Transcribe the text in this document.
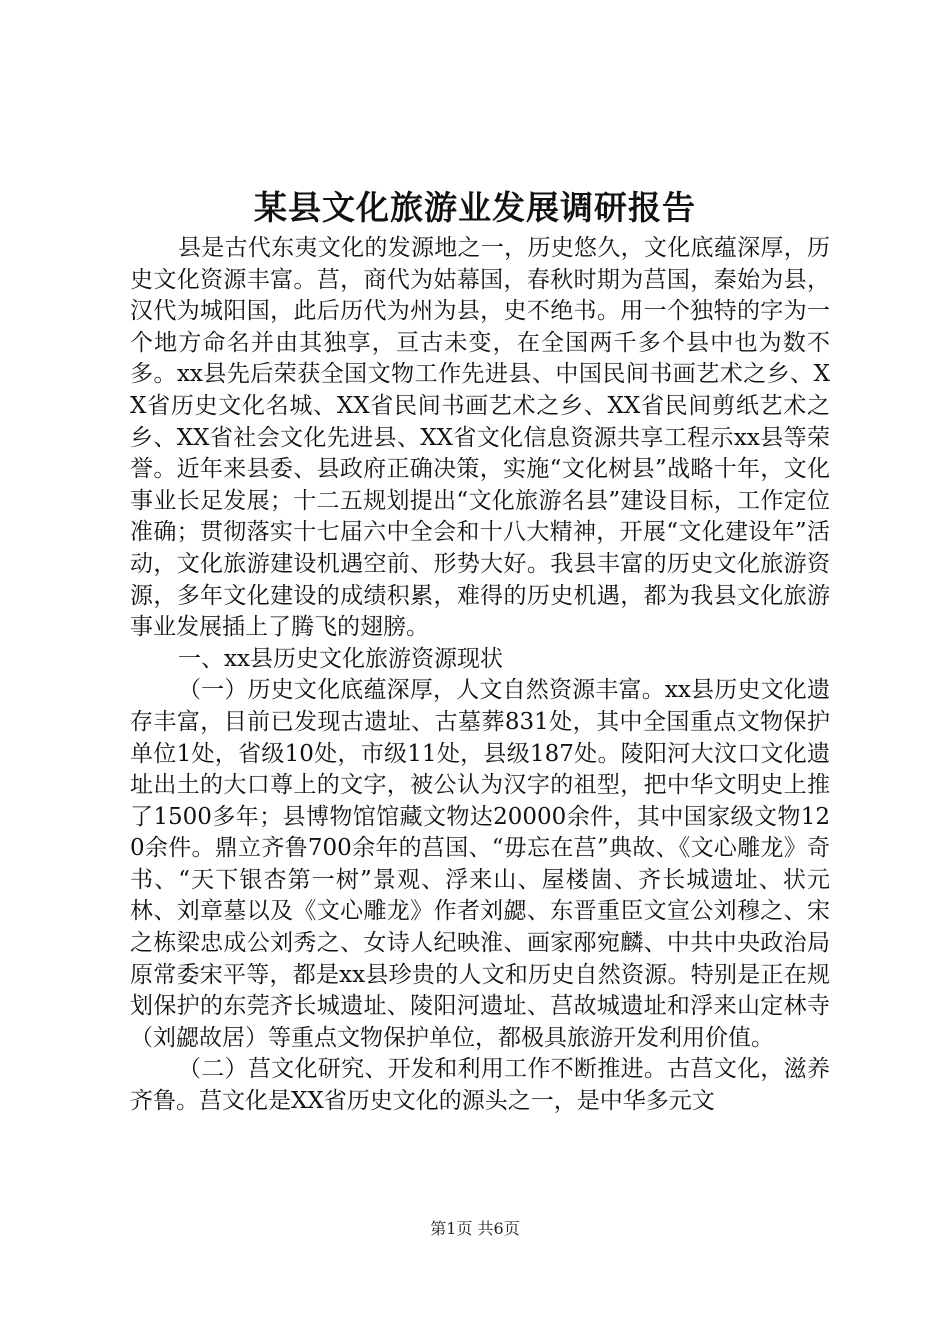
某县文化旅游业发展调研报告

县是古代东夷文化的发源地之一，历史悠久，文化底蕴深厚，历史文化资源丰富。莒，商代为姑幕国，春秋时期为莒国，秦始为县，汉代为城阳国，此后历代为州为县，史不绝书。用一个独特的字为一个地方命名并由其独享，亘古未变，在全国两千多个县中也为数不多。xx县先后荣获全国文物工作先进县、中国民间书画艺术之乡、XX省历史文化名城、XX省民间书画艺术之乡、XX省民间剪纸艺术之乡、XX省社会文化先进县、XX省文化信息资源共享工程示xx县等荣誉。近年来县委、县政府正确决策，实施“文化树县”战略十年，文化事业长足发展；十二五规划提出“文化旅游名县”建设目标，工作定位准确；贯彻落实十七届六中全会和十八大精神，开展“文化建设年”活动，文化旅游建设机遇空前、形势大好。我县丰富的历史文化旅游资源，多年文化建设的成绩积累，难得的历史机遇，都为我县文化旅游事业发展插上了腾飞的翅膀。

一、xx县历史文化旅游资源现状

（一）历史文化底蕴深厚，人文自然资源丰富。xx县历史文化遗存丰富，目前已发现古遗址、古墓葬831处，其中全国重点文物保护单位1处，省级10处，市级11处，县级187处。陵阳河大汶口文化遗址出土的大口尊上的文字，被公认为汉字的祖型，把中华文明史上推了1500多年；县博物馆馆藏文物达20000余件，其中国家级文物120余件。鼎立齐鲁700余年的莒国、“毋忘在莒”典故、《文心雕龙》奇书、“天下银杏第一树”景观、浮来山、屋楼崮、齐长城遗址、状元林、刘章墓以及《文心雕龙》作者刘勰、东晋重臣文宣公刘穆之、宋之栋梁忠成公刘秀之、女诗人纪映淮、画家邴宛麟、中共中央政治局原常委宋平等，都是xx县珍贵的人文和历史自然资源。特别是正在规划保护的东莞齐长城遗址、陵阳河遗址、莒故城遗址和浮来山定林寺（刘勰故居）等重点文物保护单位，都极具旅游开发利用价值。

（二）莒文化研究、开发和利用工作不断推进。古莒文化，滋养齐鲁。莒文化是XX省历史文化的源头之一，是中华多元文

第1页 共6页
